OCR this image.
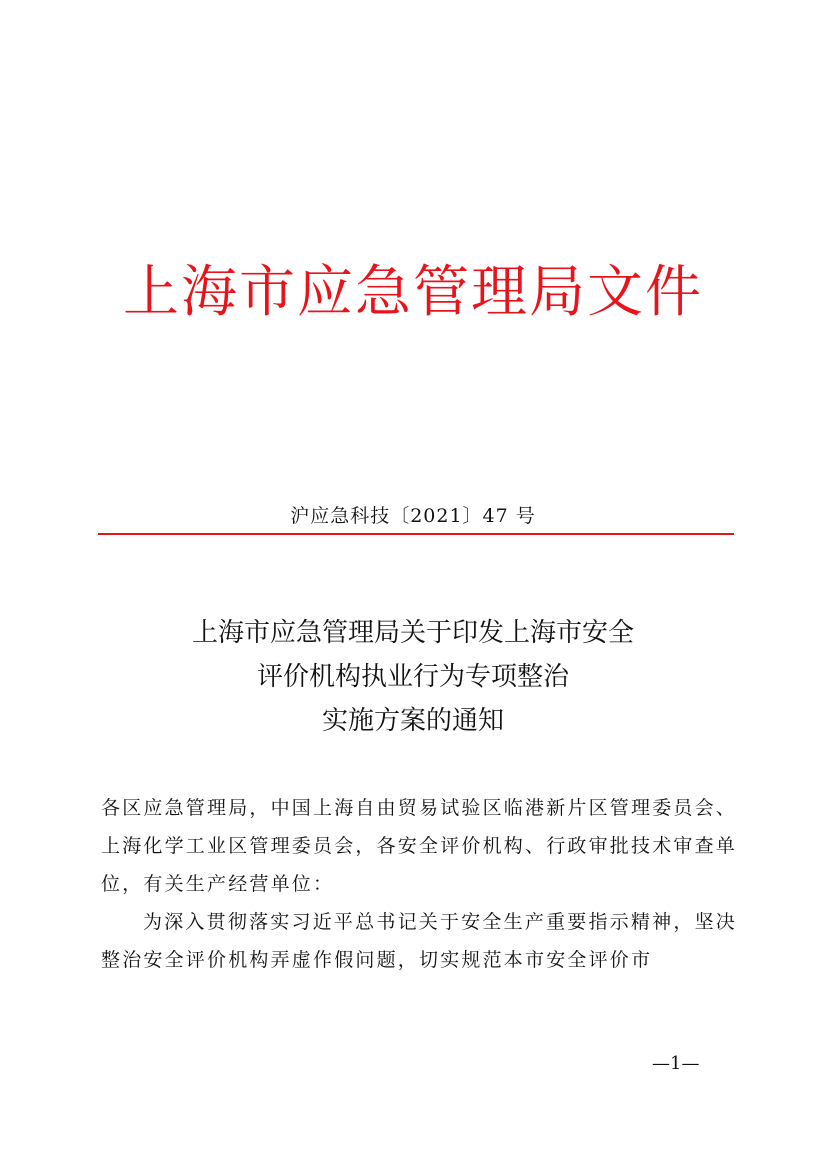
上海市应急管理局文件
沪应急科技〔2021〕47 号
上海市应急管理局关于印发上海市安全
评价机构执业行为专项整治
实施方案的通知

各区应急管理局，中国上海自由贸易试验区临港新片区管理委员会、上海化学工业区管理委员会，各安全评价机构、行政审批技术审查单位，有关生产经营单位：

为深入贯彻落实习近平总书记关于安全生产重要指示精神，坚决整治安全评价机构弄虚作假问题，切实规范本市安全评价市

—1—
